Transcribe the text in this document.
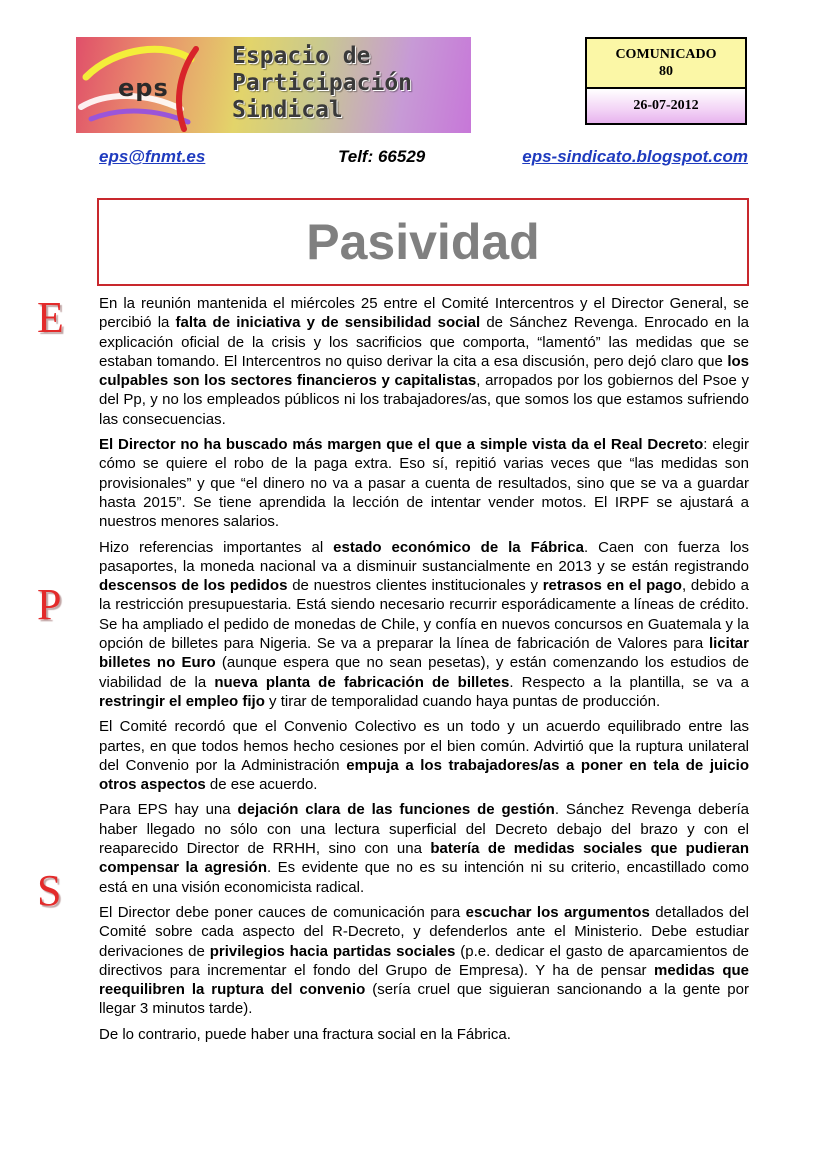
eps
Espacio de
Participación
Sindical
COMUNICADO
80
26-07-2012
eps@fnmt.es	Telf: 66529	eps-sindicato.blogspot.com
Pasividad
E
P
S

En la reunión mantenida el miércoles 25 entre el Comité Intercentros y el Director General, se percibió la falta de iniciativa y de sensibilidad social de Sánchez Revenga. Enrocado en la explicación oficial de la crisis y los sacrificios que comporta, “lamentó” las medidas que se estaban tomando. El Intercentros no quiso derivar la cita a esa discusión, pero dejó claro que los culpables son los sectores financieros y capitalistas, arropados por los gobiernos del Psoe y del Pp, y no los empleados públicos ni los trabajadores/as, que somos los que estamos sufriendo las consecuencias.

El Director no ha buscado más margen que el que a simple vista da el Real Decreto: elegir cómo se quiere el robo de la paga extra. Eso sí, repitió varias veces que “las medidas son provisionales” y que “el dinero no va a pasar a cuenta de resultados, sino que se va a guardar hasta 2015”. Se tiene aprendida la lección de intentar vender motos. El IRPF se ajustará a nuestros menores salarios.

Hizo referencias importantes al estado económico de la Fábrica. Caen con fuerza los pasaportes, la moneda nacional va a disminuir sustancialmente en 2013 y se están registrando descensos de los pedidos de nuestros clientes institucionales y retrasos en el pago, debido a la restricción presupuestaria. Está siendo necesario recurrir esporádicamente a líneas de crédito. Se ha ampliado el pedido de monedas de Chile, y confía en nuevos concursos en Guatemala y la opción de billetes para Nigeria. Se va a preparar la línea de fabricación de Valores para licitar billetes no Euro (aunque espera que no sean pesetas), y están comenzando los estudios de viabilidad de la nueva planta de fabricación de billetes. Respecto a la plantilla, se va a restringir el empleo fijo y tirar de temporalidad cuando haya puntas de producción.

El Comité recordó que el Convenio Colectivo es un todo y un acuerdo equilibrado entre las partes, en que todos hemos hecho cesiones por el bien común. Advirtió que la ruptura unilateral del Convenio por la Administración empuja a los trabajadores/as a poner en tela de juicio otros aspectos de ese acuerdo.

Para EPS hay una dejación clara de las funciones de gestión. Sánchez Revenga debería haber llegado no sólo con una lectura superficial del Decreto debajo del brazo y con el reaparecido Director de RRHH, sino con una batería de medidas sociales que pudieran compensar la agresión. Es evidente que no es su intención ni su criterio, encastillado como está en una visión economicista radical.

El Director debe poner cauces de comunicación para escuchar los argumentos detallados del Comité sobre cada aspecto del R-Decreto, y defenderlos ante el Ministerio. Debe estudiar derivaciones de privilegios hacia partidas sociales (p.e. dedicar el gasto de aparcamientos de directivos para incrementar el fondo del Grupo de Empresa). Y ha de pensar medidas que reequilibren la ruptura del convenio (sería cruel que siguieran sancionando a la gente por llegar 3 minutos tarde).

De lo contrario, puede haber una fractura social en la Fábrica.
